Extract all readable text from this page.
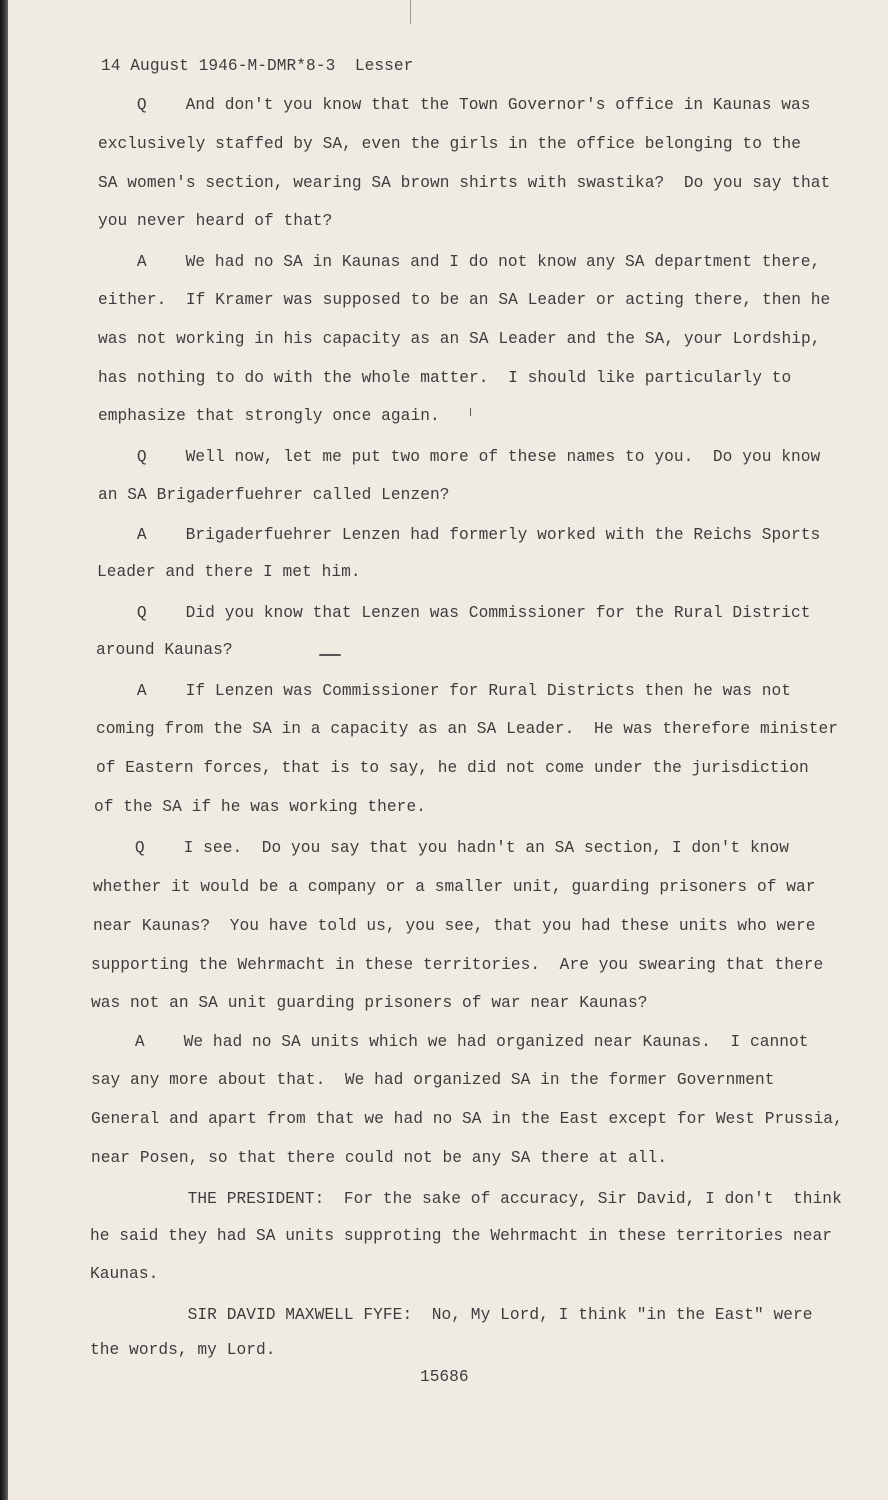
14 August 1946-M-DMR*8-3  Lesser
Q    And don't you know that the Town Governor's office in Kaunas was
exclusively staffed by SA, even the girls in the office belonging to the
SA women's section, wearing SA brown shirts with swastika?  Do you say that
you never heard of that?
A    We had no SA in Kaunas and I do not know any SA department there,
either.  If Kramer was supposed to be an SA Leader or acting there, then he
was not working in his capacity as an SA Leader and the SA, your Lordship,
has nothing to do with the whole matter.  I should like particularly to
emphasize that strongly once again.
Q    Well now, let me put two more of these names to you.  Do you know
an SA Brigaderfuehrer called Lenzen?
A    Brigaderfuehrer Lenzen had formerly worked with the Reichs Sports
Leader and there I met him.
Q    Did you know that Lenzen was Commissioner for the Rural District
around Kaunas?
A    If Lenzen was Commissioner for Rural Districts then he was not
coming from the SA in a capacity as an SA Leader.  He was therefore minister
of Eastern forces, that is to say, he did not come under the jurisdiction
of the SA if he was working there.
Q    I see.  Do you say that you hadn't an SA section, I don't know
whether it would be a company or a smaller unit, guarding prisoners of war
near Kaunas?  You have told us, you see, that you had these units who were
supporting the Wehrmacht in these territories.  Are you swearing that there
was not an SA unit guarding prisoners of war near Kaunas?
A    We had no SA units which we had organized near Kaunas.  I cannot
say any more about that.  We had organized SA in the former Government
General and apart from that we had no SA in the East except for West Prussia,
near Posen, so that there could not be any SA there at all.
THE PRESIDENT:  For the sake of accuracy, Sir David, I don't  think
he said they had SA units supproting the Wehrmacht in these territories near
Kaunas.
SIR DAVID MAXWELL FYFE:  No, My Lord, I think "in the East" were
the words, my Lord.
15686
